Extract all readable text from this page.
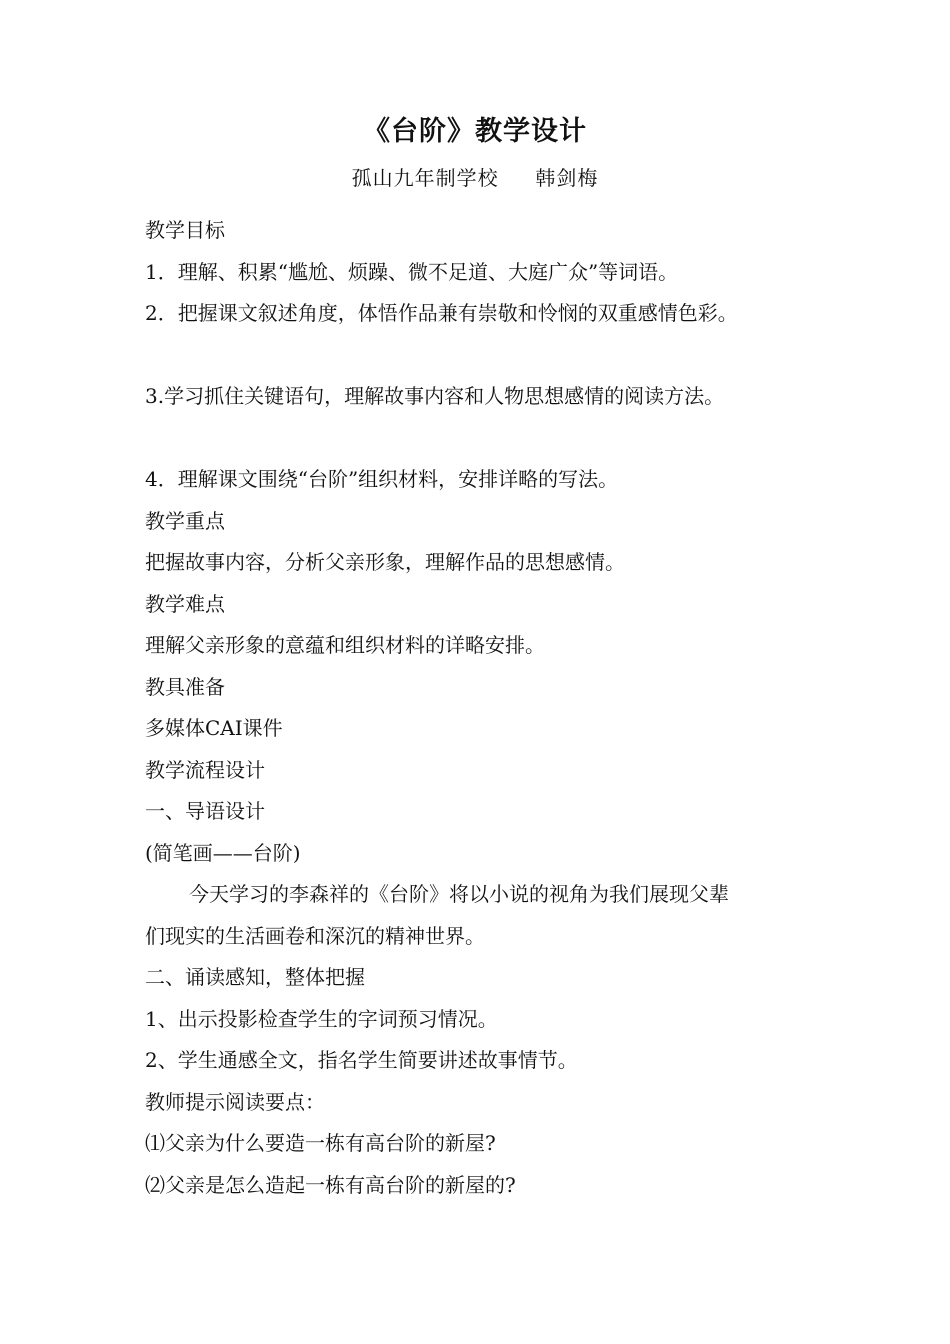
《台阶》教学设计
孤山九年制学校     韩剑梅
教学目标
1．理解、积累“尴尬、烦躁、微不足道、大庭广众”等词语。
2．把握课文叙述角度，体悟作品兼有崇敬和怜悯的双重感情色彩。
3.学习抓住关键语句，理解故事内容和人物思想感情的阅读方法。
4．理解课文围绕“台阶”组织材料，安排详略的写法。
教学重点
把握故事内容，分析父亲形象，理解作品的思想感情。
教学难点
理解父亲形象的意蕴和组织材料的详略安排。
教具准备
多媒体CAI课件
教学流程设计
一、导语设计
(简笔画——台阶)
今天学习的李森祥的《台阶》将以小说的视角为我们展现父辈
们现实的生活画卷和深沉的精神世界。
二、诵读感知，整体把握
1、出示投影检查学生的字词预习情况。
2、学生通感全文，指名学生简要讲述故事情节。
教师提示阅读要点：
⑴父亲为什么要造一栋有高台阶的新屋?
⑵父亲是怎么造起一栋有高台阶的新屋的?
